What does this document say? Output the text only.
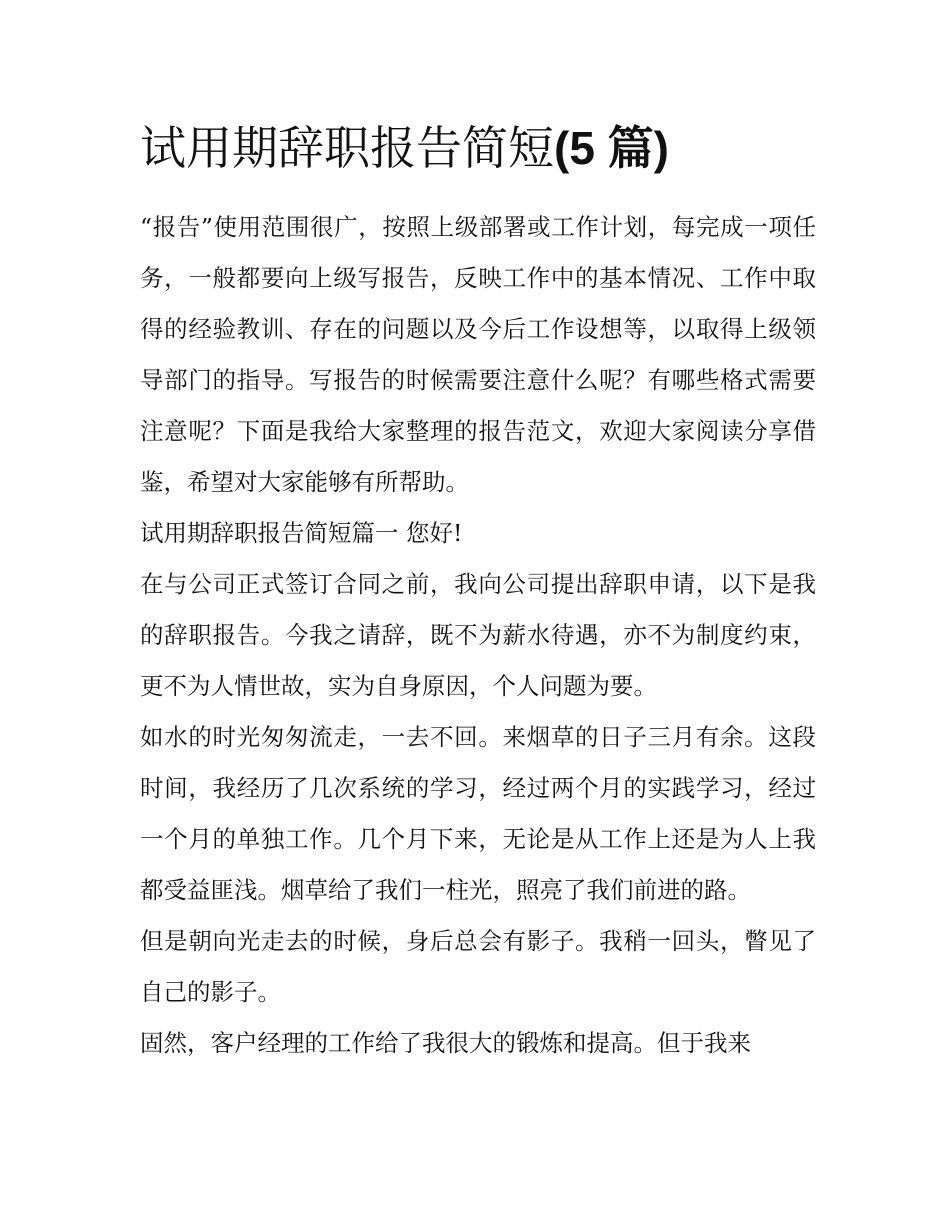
试用期辞职报告简短(5 篇)

“报告”使用范围很广，按照上级部署或工作计划，每完成一项任务，一般都要向上级写报告，反映工作中的基本情况、工作中取得的经验教训、存在的问题以及今后工作设想等，以取得上级领导部门的指导。写报告的时候需要注意什么呢？有哪些格式需要注意呢？下面是我给大家整理的报告范文，欢迎大家阅读分享借鉴，希望对大家能够有所帮助。

试用期辞职报告简短篇一 您好!

在与公司正式签订合同之前，我向公司提出辞职申请，以下是我的辞职报告。今我之请辞，既不为薪水待遇，亦不为制度约束，更不为人情世故，实为自身原因，个人问题为要。

如水的时光匆匆流走，一去不回。来烟草的日子三月有余。这段时间，我经历了几次系统的学习，经过两个月的实践学习，经过一个月的单独工作。几个月下来，无论是从工作上还是为人上我都受益匪浅。烟草给了我们一柱光，照亮了我们前进的路。

但是朝向光走去的时候，身后总会有影子。我稍一回头，瞥见了自己的影子。

固然，客户经理的工作给了我很大的锻炼和提高。但于我来
